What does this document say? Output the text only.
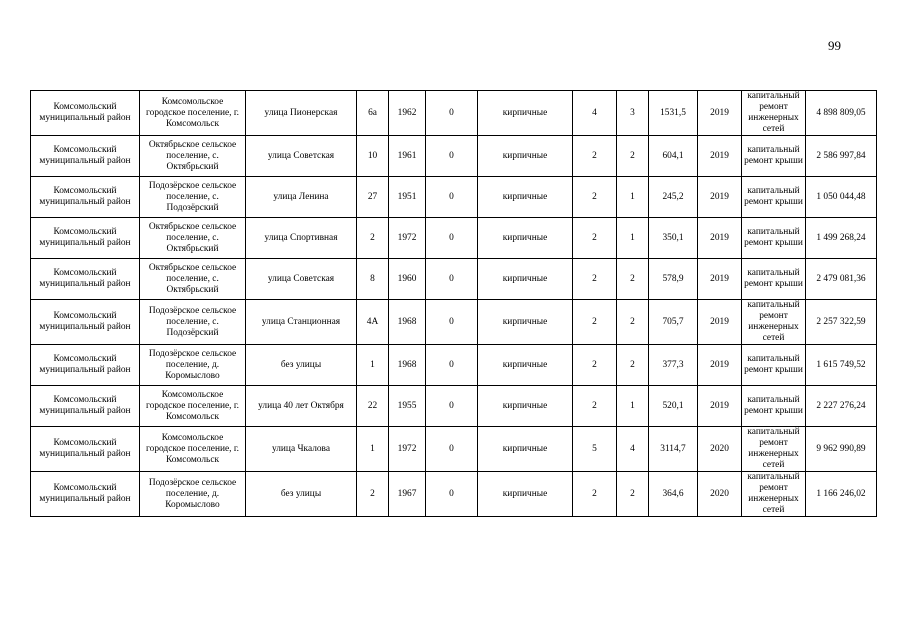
99
Комсомольский муниципальный район	Комсомольское городское поселение, г. Комсомольск	улица Пионерская	6а	1962	0	кирпичные	4	3	1531,5	2019	капитальный ремонт инженерных сетей	4 898 809,05
Комсомольский муниципальный район	Октябрьское сельское поселение, с. Октябрьский	улица Советская	10	1961	0	кирпичные	2	2	604,1	2019	капитальный ремонт крыши	2 586 997,84
Комсомольский муниципальный район	Подозёрское сельское поселение, с. Подозёрский	улица Ленина	27	1951	0	кирпичные	2	1	245,2	2019	капитальный ремонт крыши	1 050 044,48
Комсомольский муниципальный район	Октябрьское сельское поселение, с. Октябрьский	улица Спортивная	2	1972	0	кирпичные	2	1	350,1	2019	капитальный ремонт крыши	1 499 268,24
Комсомольский муниципальный район	Октябрьское сельское поселение, с. Октябрьский	улица Советская	8	1960	0	кирпичные	2	2	578,9	2019	капитальный ремонт крыши	2 479 081,36
Комсомольский муниципальный район	Подозёрское сельское поселение, с. Подозёрский	улица Станционная	4А	1968	0	кирпичные	2	2	705,7	2019	капитальный ремонт инженерных сетей	2 257 322,59
Комсомольский муниципальный район	Подозёрское сельское поселение, д. Коромыслово	без улицы	1	1968	0	кирпичные	2	2	377,3	2019	капитальный ремонт крыши	1 615 749,52
Комсомольский муниципальный район	Комсомольское городское поселение, г. Комсомольск	улица 40 лет Октября	22	1955	0	кирпичные	2	1	520,1	2019	капитальный ремонт крыши	2 227 276,24
Комсомольский муниципальный район	Комсомольское городское поселение, г. Комсомольск	улица Чкалова	1	1972	0	кирпичные	5	4	3114,7	2020	капитальный ремонт инженерных сетей	9 962 990,89
Комсомольский муниципальный район	Подозёрское сельское поселение, д. Коромыслово	без улицы	2	1967	0	кирпичные	2	2	364,6	2020	капитальный ремонт инженерных сетей	1 166 246,02
